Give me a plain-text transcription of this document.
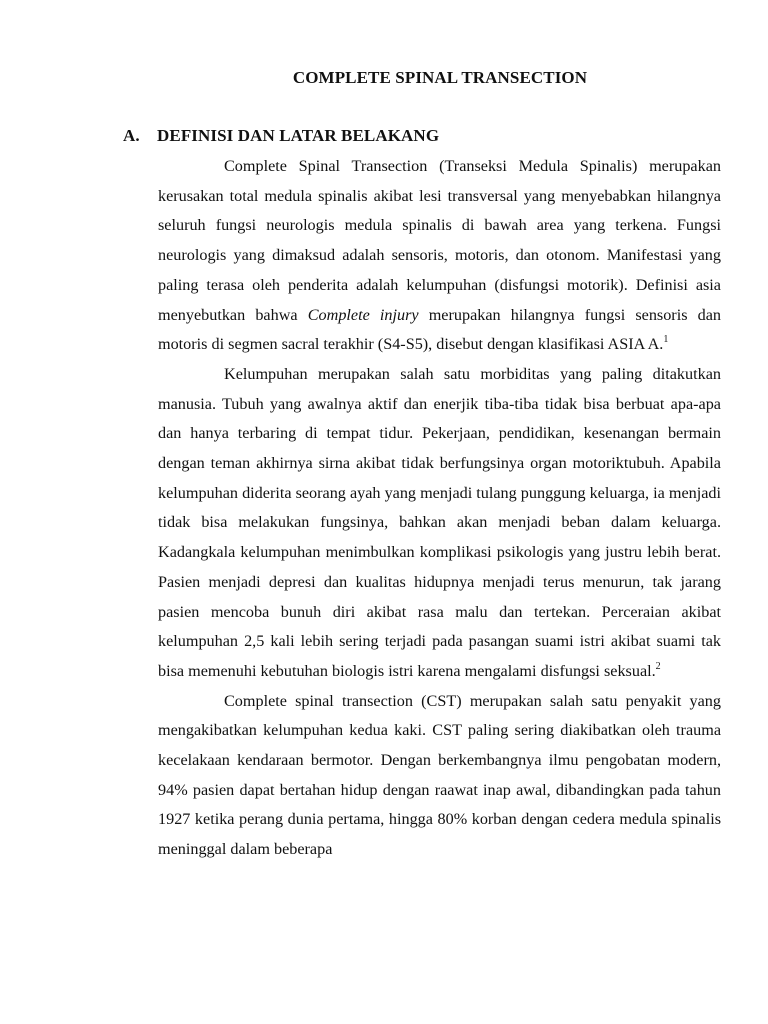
COMPLETE SPINAL TRANSECTION
A. DEFINISI DAN LATAR BELAKANG

Complete Spinal Transection (Transeksi Medula Spinalis) merupakan kerusakan total medula spinalis akibat lesi transversal yang menyebabkan hilangnya seluruh fungsi neurologis medula spinalis di bawah area yang terkena. Fungsi neurologis yang dimaksud adalah sensoris, motoris, dan otonom. Manifestasi yang paling terasa oleh penderita adalah kelumpuhan (disfungsi motorik). Definisi asia menyebutkan bahwa Complete injury merupakan hilangnya fungsi sensoris dan motoris di segmen sacral terakhir (S4-S5), disebut dengan klasifikasi ASIA A.$^1$

Kelumpuhan merupakan salah satu morbiditas yang paling ditakutkan manusia. Tubuh yang awalnya aktif dan enerjik tiba-tiba tidak bisa berbuat apa-apa dan hanya terbaring di tempat tidur. Pekerjaan, pendidikan, kesenangan bermain dengan teman akhirnya sirna akibat tidak berfungsinya organ motoriktubuh. Apabila kelumpuhan diderita seorang ayah yang menjadi tulang punggung keluarga, ia menjadi tidak bisa melakukan fungsinya, bahkan akan menjadi beban dalam keluarga. Kadangkala kelumpuhan menimbulkan komplikasi psikologis yang justru lebih berat. Pasien menjadi depresi dan kualitas hidupnya menjadi terus menurun, tak jarang pasien mencoba bunuh diri akibat rasa malu dan tertekan. Perceraian akibat kelumpuhan 2,5 kali lebih sering terjadi pada pasangan suami istri akibat suami tak bisa memenuhi kebutuhan biologis istri karena mengalami disfungsi seksual.$^2$

Complete spinal transection (CST) merupakan salah satu penyakit yang mengakibatkan kelumpuhan kedua kaki. CST paling sering diakibatkan oleh trauma kecelakaan kendaraan bermotor. Dengan berkembangnya ilmu pengobatan modern, 94% pasien dapat bertahan hidup dengan raawat inap awal, dibandingkan pada tahun 1927 ketika perang dunia pertama, hingga 80% korban dengan cedera medula spinalis meninggal dalam beberapa
